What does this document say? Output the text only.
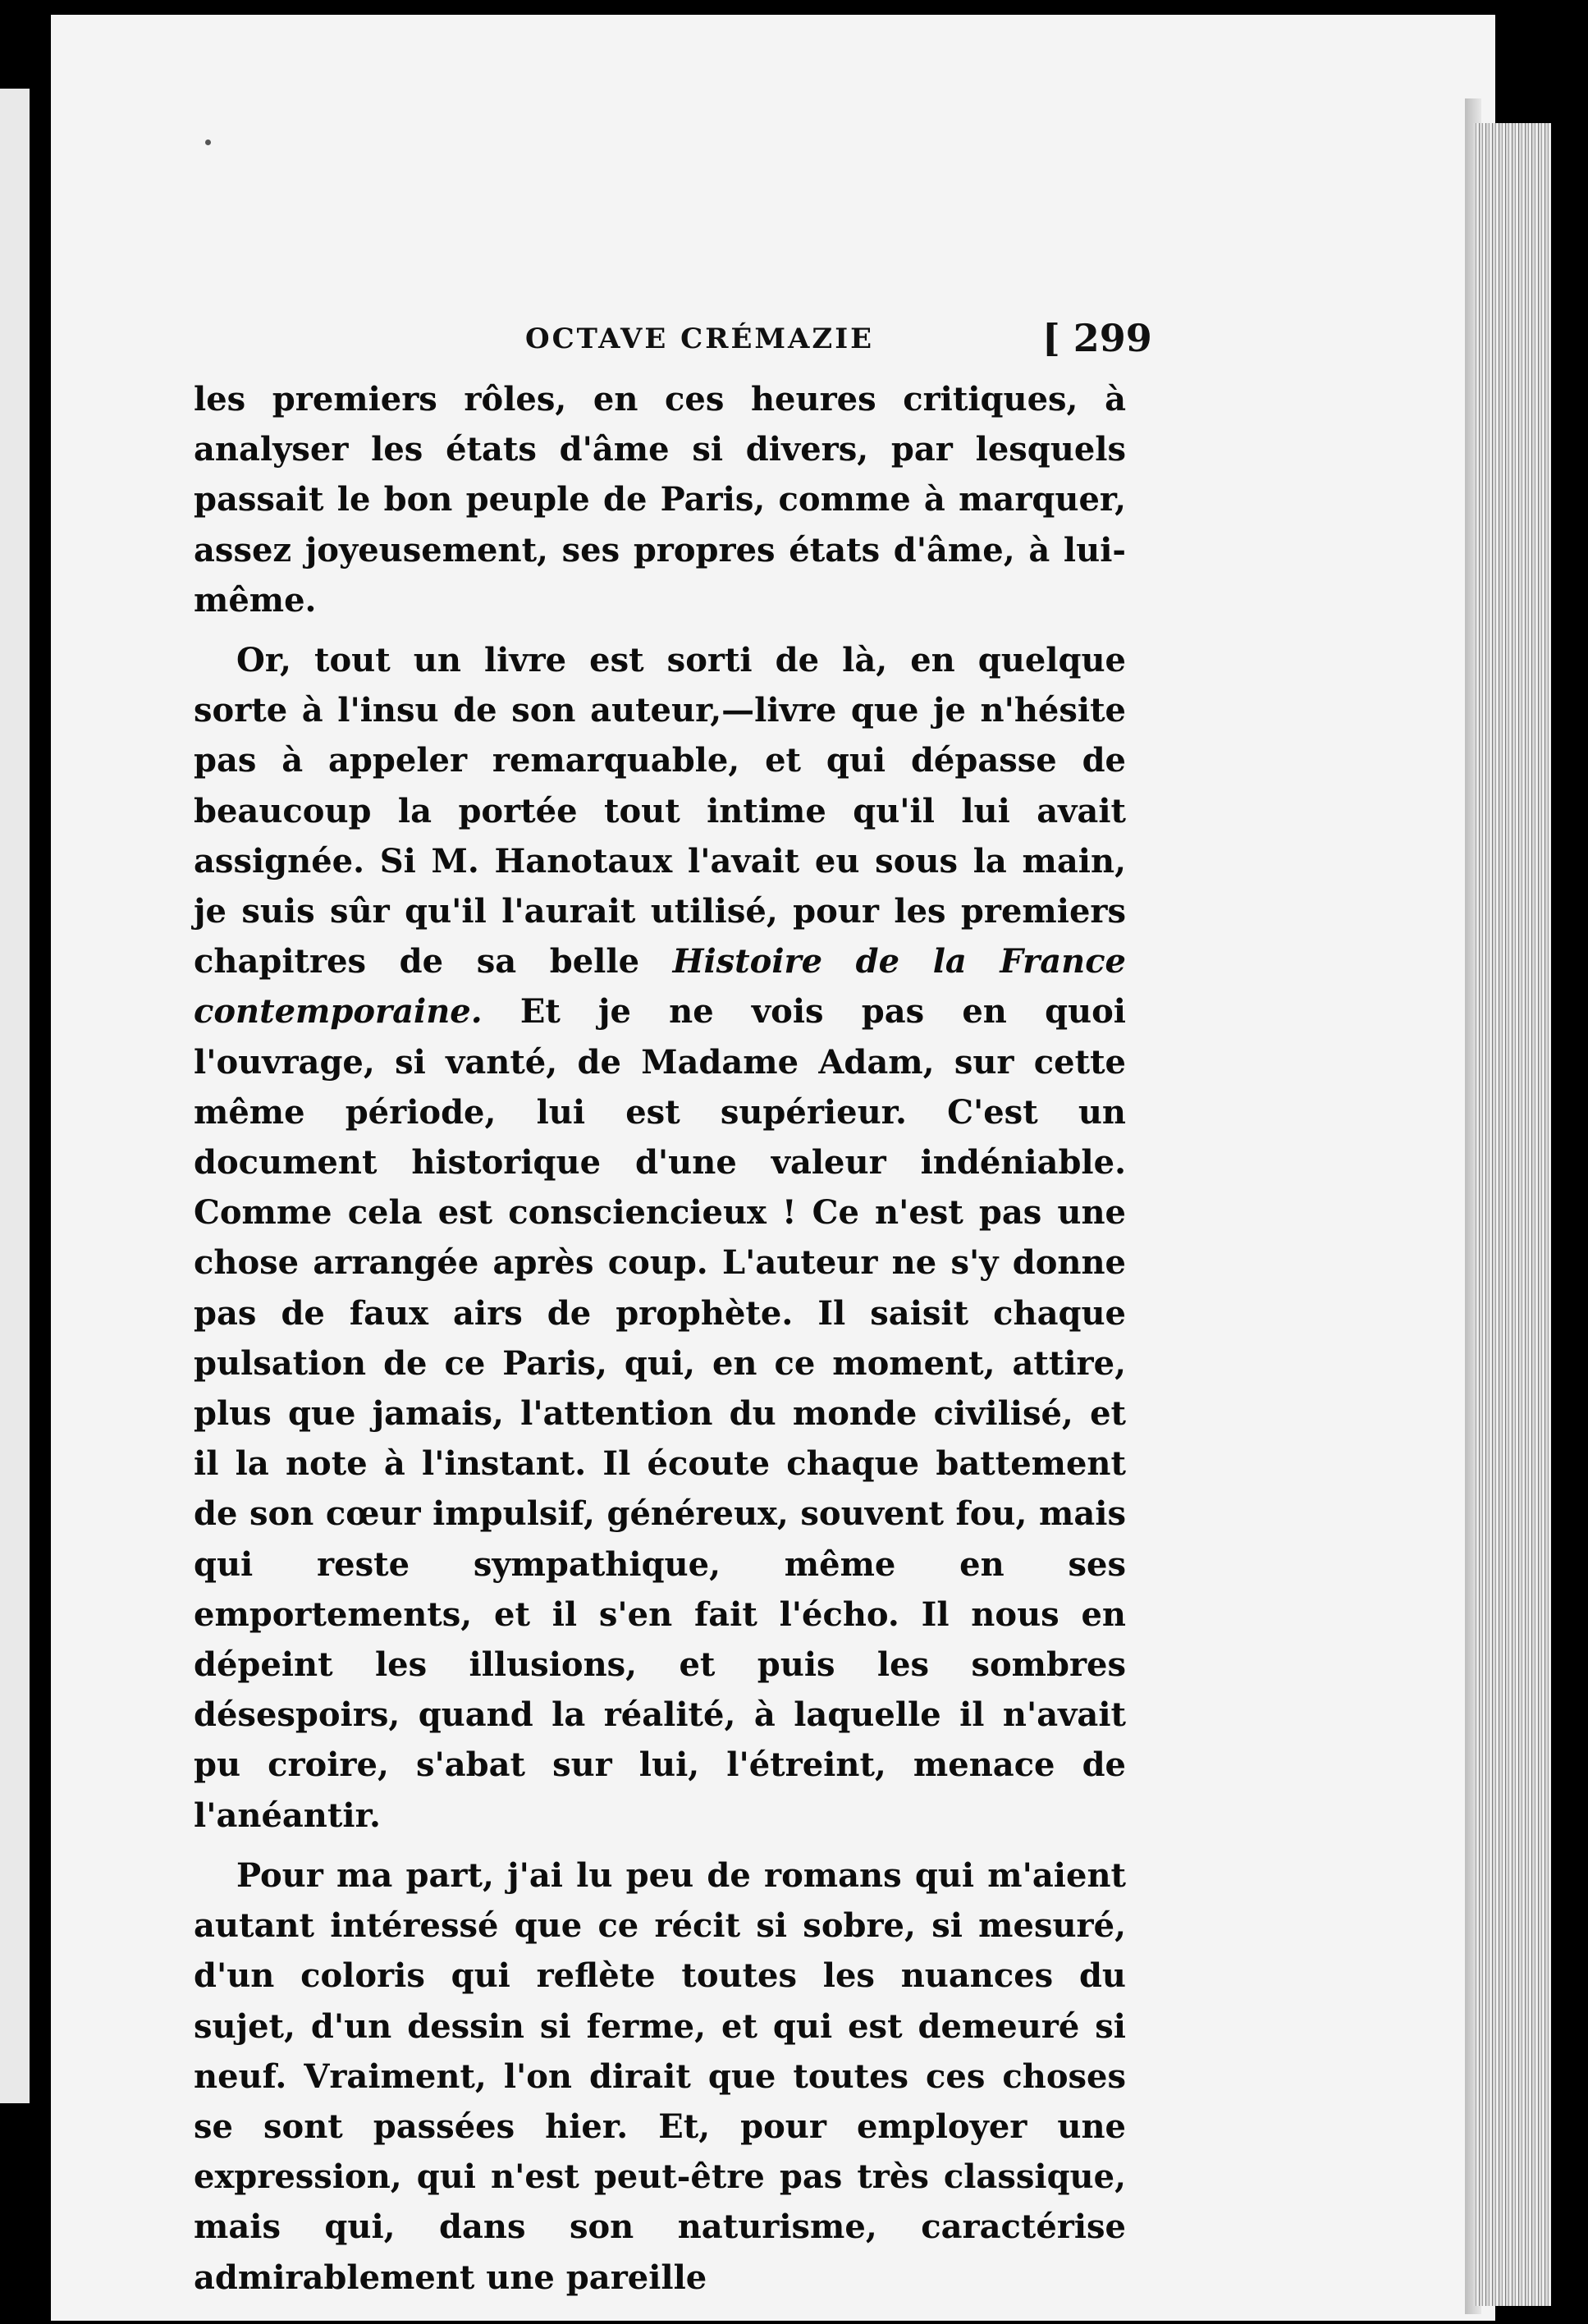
OCTAVE CRÉMAZIE	[ 299

les premiers rôles, en ces heures critiques, à analyser les états d'âme si divers, par lesquels passait le bon peuple de Paris, comme à marquer, assez joyeusement, ses propres états d'âme, à lui-même.

Or, tout un livre est sorti de là, en quelque sorte à l'insu de son auteur,—livre que je n'hésite pas à appeler remarquable, et qui dépasse de beaucoup la portée tout intime qu'il lui avait assignée. Si M. Hanotaux l'avait eu sous la main, je suis sûr qu'il l'aurait utilisé, pour les premiers chapitres de sa belle Histoire de la France contemporaine. Et je ne vois pas en quoi l'ouvrage, si vanté, de Madame Adam, sur cette même période, lui est supérieur. C'est un document historique d'une valeur indéniable. Comme cela est consciencieux ! Ce n'est pas une chose arrangée après coup. L'auteur ne s'y donne pas de faux airs de prophète. Il saisit chaque pulsation de ce Paris, qui, en ce moment, attire, plus que jamais, l'attention du monde civilisé, et il la note à l'instant. Il écoute chaque battement de son cœur impulsif, généreux, souvent fou, mais qui reste sympathique, même en ses emportements, et il s'en fait l'écho. Il nous en dépeint les illusions, et puis les sombres désespoirs, quand la réalité, à laquelle il n'avait pu croire, s'abat sur lui, l'étreint, menace de l'anéantir.

Pour ma part, j'ai lu peu de romans qui m'aient autant intéressé que ce récit si sobre, si mesuré, d'un coloris qui reflète toutes les nuances du sujet, d'un dessin si ferme, et qui est demeuré si neuf. Vraiment, l'on dirait que toutes ces choses se sont passées hier. Et, pour employer une expression, qui n'est peut-être pas très classique, mais qui, dans son naturisme, caractérise admirablement une pareille
